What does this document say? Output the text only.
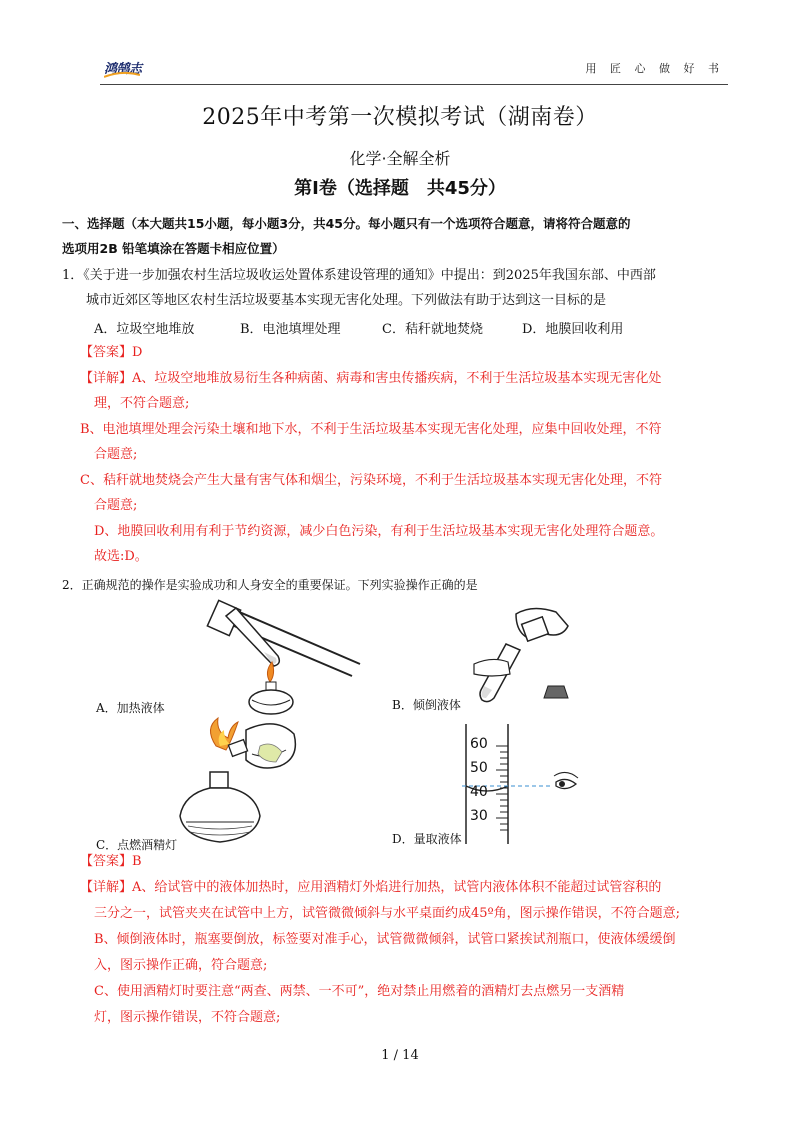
鸿鹄志	用 匠 心 做 好 书
2025年中考第一次模拟考试（湖南卷）
化学·全解全析
第Ⅰ卷（选择题　共45分）
一、选择题（本大题共15小题，每小题3分，共45分。每小题只有一个选项符合题意，请将符合题意的
选项用2B 铅笔填涂在答题卡相应位置）
1．《关于进一步加强农村生活垃圾收运处置体系建设管理的通知》中提出：到2025年我国东部、中西部
城市近郊区等地区农村生活垃圾要基本实现无害化处理。下列做法有助于达到这一目标的是
A．垃圾空地堆放	B．电池填埋处理	C．秸秆就地焚烧	D．地膜回收利用
【答案】D
【详解】A、垃圾空地堆放易衍生各种病菌、病毒和害虫传播疾病，不利于生活垃圾基本实现无害化处
理，不符合题意;
B、电池填埋处理会污染土壤和地下水，不利于生活垃圾基本实现无害化处理，应集中回收处理，不符
合题意;
C、秸秆就地焚烧会产生大量有害气体和烟尘，污染环境，不利于生活垃圾基本实现无害化处理，不符
合题意;
D、地膜回收利用有利于节约资源，减少白色污染，有利于生活垃圾基本实现无害化处理符合题意。
故选:D。
2．正确规范的操作是实验成功和人身安全的重要保证。下列实验操作正确的是
A．加热液体	B．倾倒液体
C．点燃酒精灯
60
50
40
30
D．量取液体
【答案】B
【详解】A、给试管中的液体加热时，应用酒精灯外焰进行加热，试管内液体体积不能超过试管容积的
三分之一，试管夹夹在试管中上方，试管微微倾斜与水平桌面约成45º角，图示操作错误，不符合题意;
B、倾倒液体时，瓶塞要倒放，标签要对准手心，试管微微倾斜，试管口紧挨试剂瓶口，使液体缓缓倒
入，图示操作正确，符合题意;
C、使用酒精灯时要注意“两查、两禁、一不可”，绝对禁止用燃着的酒精灯去点燃另一支酒精
灯，图示操作错误，不符合题意;
1 / 14
